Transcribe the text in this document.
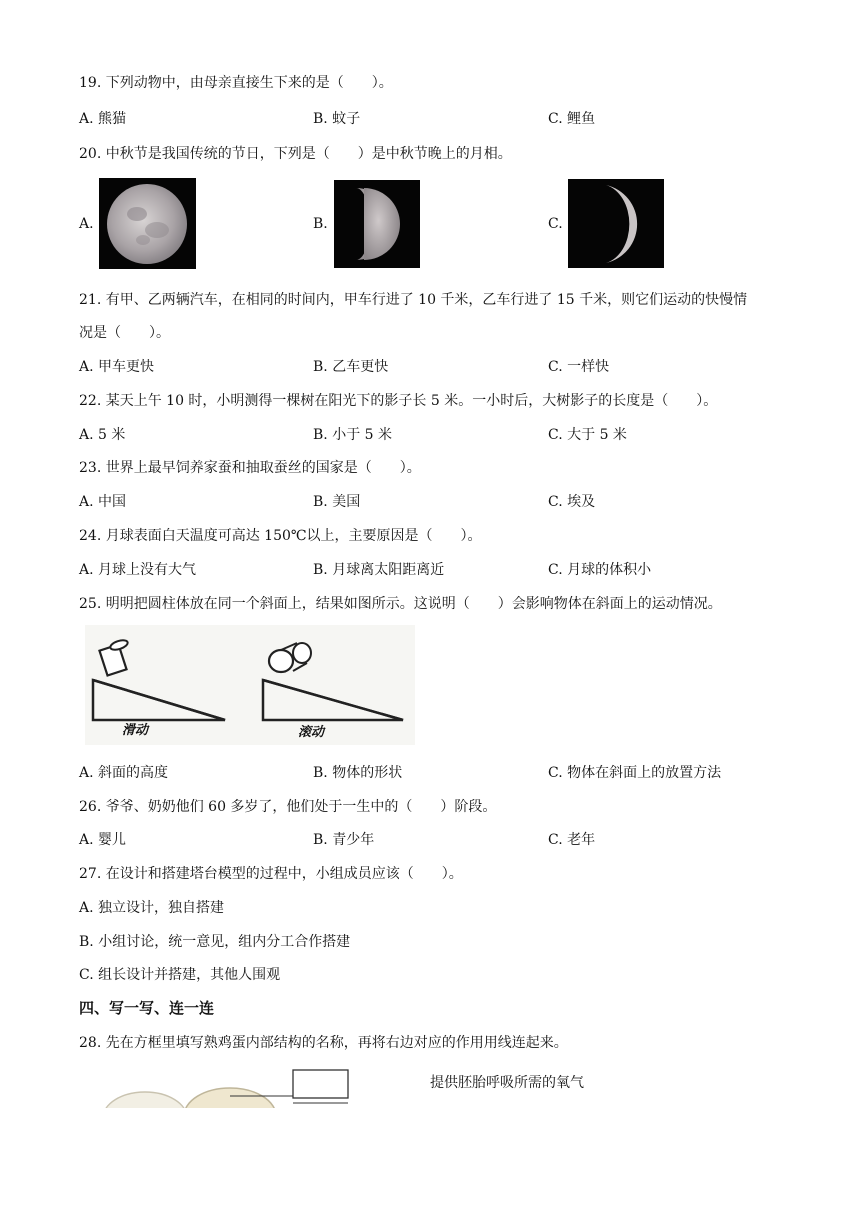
19. 下列动物中，由母亲直接生下来的是（　　）。
A. 熊猫	B. 蚊子	C. 鲤鱼
20. 中秋节是我国传统的节日，下列是（　　）是中秋节晚上的月相。
A.	B.	C.
21. 有甲、乙两辆汽车，在相同的时间内，甲车行进了 10 千米，乙车行进了 15 千米，则它们运动的快慢情
况是（　　）。
A. 甲车更快	B. 乙车更快	C. 一样快
22. 某天上午 10 时，小明测得一棵树在阳光下的影子长 5 米。一小时后，大树影子的长度是（　　）。
A. 5 米	B. 小于 5 米	C. 大于 5 米
23. 世界上最早饲养家蚕和抽取蚕丝的国家是（　　）。
A. 中国	B. 美国	C. 埃及
24. 月球表面白天温度可高达 150℃以上，主要原因是（　　）。
A. 月球上没有大气	B. 月球离太阳距离近	C. 月球的体积小
25. 明明把圆柱体放在同一个斜面上，结果如图所示。这说明（　　）会影响物体在斜面上的运动情况。
滑动	滚动
A. 斜面的高度	B. 物体的形状	C. 物体在斜面上的放置方法
26. 爷爷、奶奶他们 60 多岁了，他们处于一生中的（　　）阶段。
A. 婴儿	B. 青少年	C. 老年
27. 在设计和搭建塔台模型的过程中，小组成员应该（　　）。
A. 独立设计，独自搭建
B. 小组讨论，统一意见，组内分工合作搭建
C. 组长设计并搭建，其他人围观
四、写一写、连一连
28. 先在方框里填写熟鸡蛋内部结构的名称，再将右边对应的作用用线连起来。
提供胚胎呼吸所需的氧气
